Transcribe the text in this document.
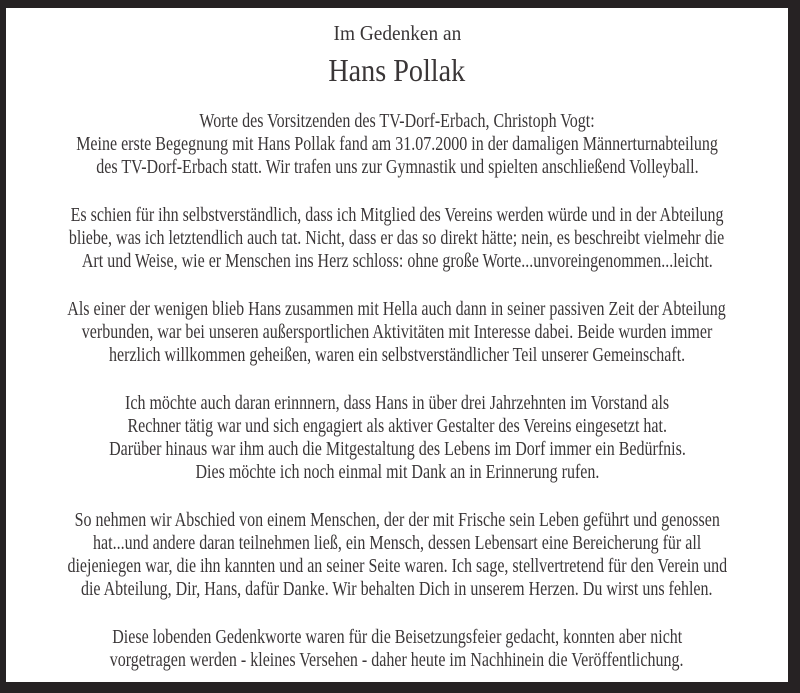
Im Gedenken an
Hans Pollak
Worte des Vorsitzenden des TV-Dorf-Erbach, Christoph Vogt:
Meine erste Begegnung mit Hans Pollak fand am 31.07.2000 in der damaligen Männerturnabteilung
des TV-Dorf-Erbach statt. Wir trafen uns zur Gymnastik und spielten anschließend Volleyball.
Es schien für ihn selbstverständlich, dass ich Mitglied des Vereins werden würde und in der Abteilung
bliebe, was ich letztendlich auch tat. Nicht, dass er das so direkt hätte; nein, es beschreibt vielmehr die
Art und Weise, wie er Menschen ins Herz schloss: ohne große Worte...unvoreingenommen...leicht.
Als einer der wenigen blieb Hans zusammen mit Hella auch dann in seiner passiven Zeit der Abteilung
verbunden, war bei unseren außersportlichen Aktivitäten mit Interesse dabei. Beide wurden immer
herzlich willkommen geheißen, waren ein selbstverständlicher Teil unserer Gemeinschaft.
Ich möchte auch daran erinnnern, dass Hans in über drei Jahrzehnten im Vorstand als
Rechner tätig war und sich engagiert als aktiver Gestalter des Vereins eingesetzt hat.
Darüber hinaus war ihm auch die Mitgestaltung des Lebens im Dorf immer ein Bedürfnis.
Dies möchte ich noch einmal mit Dank an in Erinnerung rufen.
So nehmen wir Abschied von einem Menschen, der der mit Frische sein Leben geführt und genossen
hat...und andere daran teilnehmen ließ, ein Mensch, dessen Lebensart eine Bereicherung für all
diejeniegen war, die ihn kannten und an seiner Seite waren. Ich sage, stellvertretend für den Verein und
die Abteilung, Dir, Hans, dafür Danke. Wir behalten Dich in unserem Herzen. Du wirst uns fehlen.
Diese lobenden Gedenkworte waren für die Beisetzungsfeier gedacht, konnten aber nicht
vorgetragen werden - kleines Versehen - daher heute im Nachhinein die Veröffentlichung.
